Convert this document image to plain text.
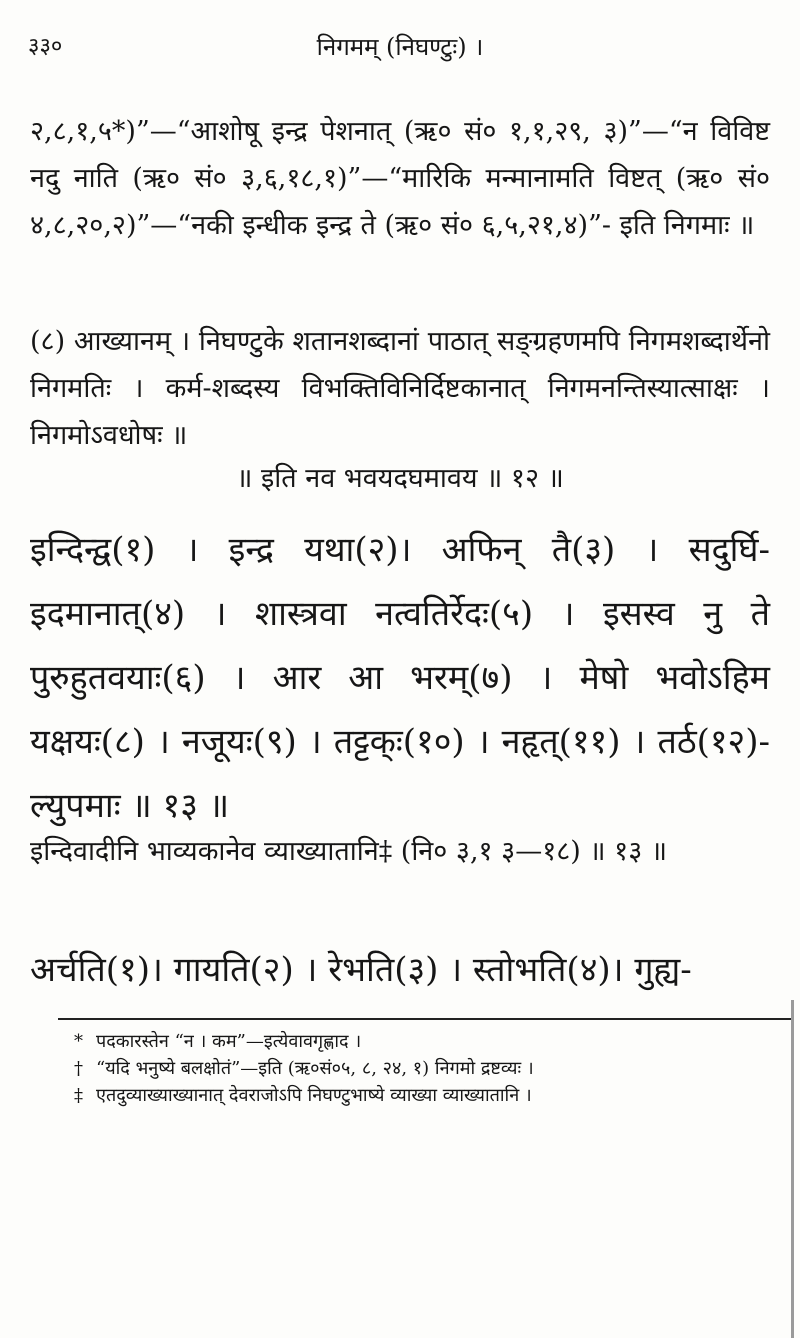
३३०	निगमम् (निघण्टुः) ।

२,८,१,५*)”—“आशोषू इन्द्र पेशनात् (ऋ० सं० १,१,२९, ३)”—“न विविष्ट नदु नाति (ऋ० सं० ३,६,१८,१)”—“मारिकि मन्मानामति विष्टत् (ऋ० सं० ४,८,२०,२)”—“नकी इन्धीक इन्द्र ते (ऋ० सं० ६,५,२१,४)”- इति निगमाः ॥

(८) आख्यानम् । निघण्टुके शतानशब्दानां पाठात् सङ्ग्रहणमपि निगमशब्दार्थेनो निगमतिः । कर्म-शब्दस्य विभक्तिविनिर्दिष्टकानात् निगमनन्तिस्यात्साक्षः । निगमोऽवधोषः ॥

॥ इति नव भवयदघमावय ॥ १२ ॥

इन्दिन्द्व(१) । इन्द्र यथा(२)। अफिन् तै(३) । सदुर्घि-इदमानात्(४) । शास्त्रवा नत्वतिर्रेदः(५) । इसस्व नु ते पुरुहुतवयाः(६) । आर आ भरम्(७) । मेषो भवोऽहिम यक्षयः(८) । नजूयः(९) । तट्टक्ः(१०) । नहृत्(११) । तर्ठ(१२)-ल्युपमाः ॥ १३ ॥

इन्दिवादीनि भाव्यकानेव व्याख्यातानि‡ (नि० ३,१ ३—१८) ॥ १३ ॥

अर्चति(१)। गायति(२) । रेभति(३) । स्तोभति(४)। गुह्य-

* पदकारस्तेन “न । कम”—इत्येवावगृह्णाद ।

† “यदि भनुष्ये बलक्षोतं”—इति (ऋ०सं०५, ८, २४, १) निगमो द्रष्टव्यः ।

‡ एतदुव्याख्याख्यानात् देवराजोऽपि निघण्टुभाष्ये व्याख्या व्याख्यातानि ।
